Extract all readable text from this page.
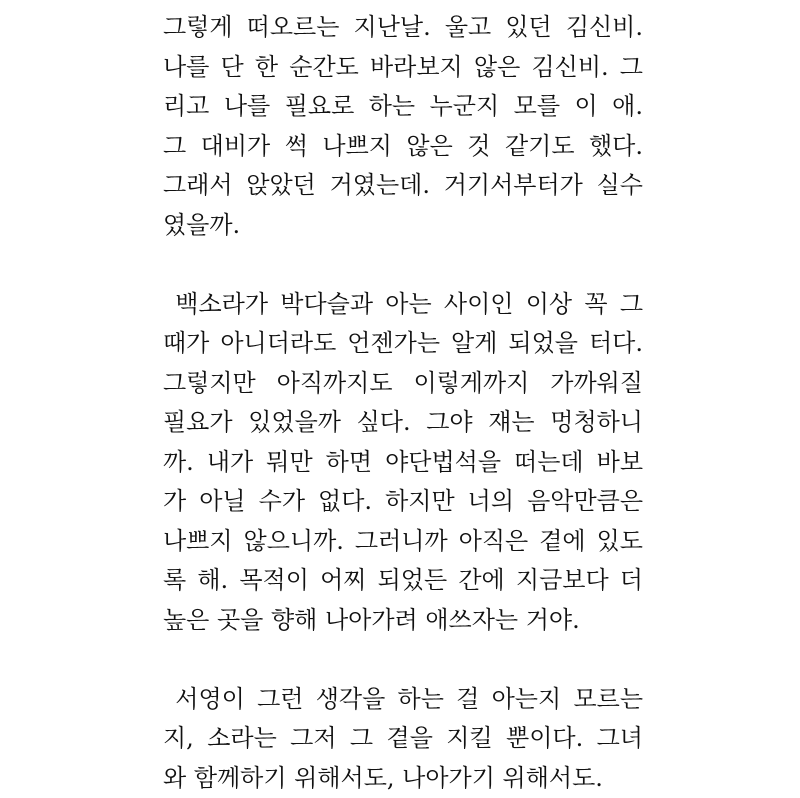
그렇게 떠오르는 지난날. 울고 있던 김신비.
나를 단 한 순간도 바라보지 않은 김신비. 그
리고 나를 필요로 하는 누군지 모를 이 애.
그 대비가 썩 나쁘지 않은 것 같기도 했다.
그래서 앉았던 거였는데. 거기서부터가 실수
였을까.
백소라가 박다슬과 아는 사이인 이상 꼭 그
때가 아니더라도 언젠가는 알게 되었을 터다.
그렇지만 아직까지도 이렇게까지 가까워질
필요가 있었을까 싶다. 그야 쟤는 멍청하니
까. 내가 뭐만 하면 야단법석을 떠는데 바보
가 아닐 수가 없다. 하지만 너의 음악만큼은
나쁘지 않으니까. 그러니까 아직은 곁에 있도
록 해. 목적이 어찌 되었든 간에 지금보다 더
높은 곳을 향해 나아가려 애쓰자는 거야.
서영이 그런 생각을 하는 걸 아는지 모르는
지, 소라는 그저 그 곁을 지킬 뿐이다. 그녀
와 함께하기 위해서도, 나아가기 위해서도.
